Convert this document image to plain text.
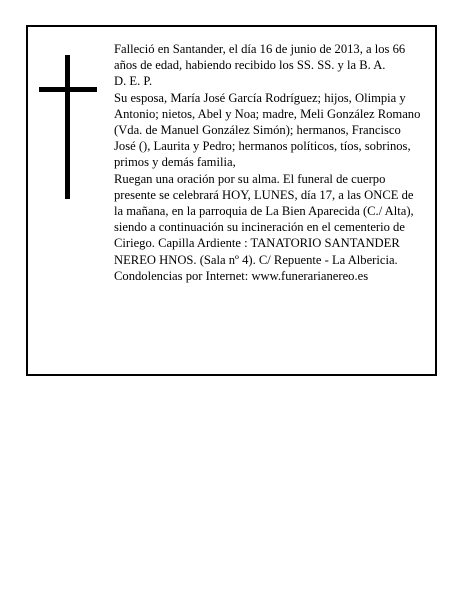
Falleció en Santander, el día 16 de junio de 2013, a los 66 años de edad, habiendo recibido los SS. SS. y la B. A.

D. E. P.

Su esposa, María José García Rodríguez; hijos, Olimpia y Antonio; nietos, Abel y Noa; madre, Meli González Romano (Vda. de Manuel González Simón); hermanos, Francisco José (), Laurita y Pedro; hermanos políticos, tíos, sobrinos, primos y demás familia,

Ruegan una oración por su alma. El funeral de cuerpo presente se celebrará HOY, LUNES, día 17, a las ONCE de la mañana, en la parroquia de La Bien Aparecida (C./ Alta), siendo a continuación su incineración en el cementerio de Ciriego. Capilla Ardiente : TANATORIO SANTANDER NEREO HNOS. (Sala nº 4). C/ Repuente - La Albericia. Condolencias por Internet: www.funerarianereo.es
